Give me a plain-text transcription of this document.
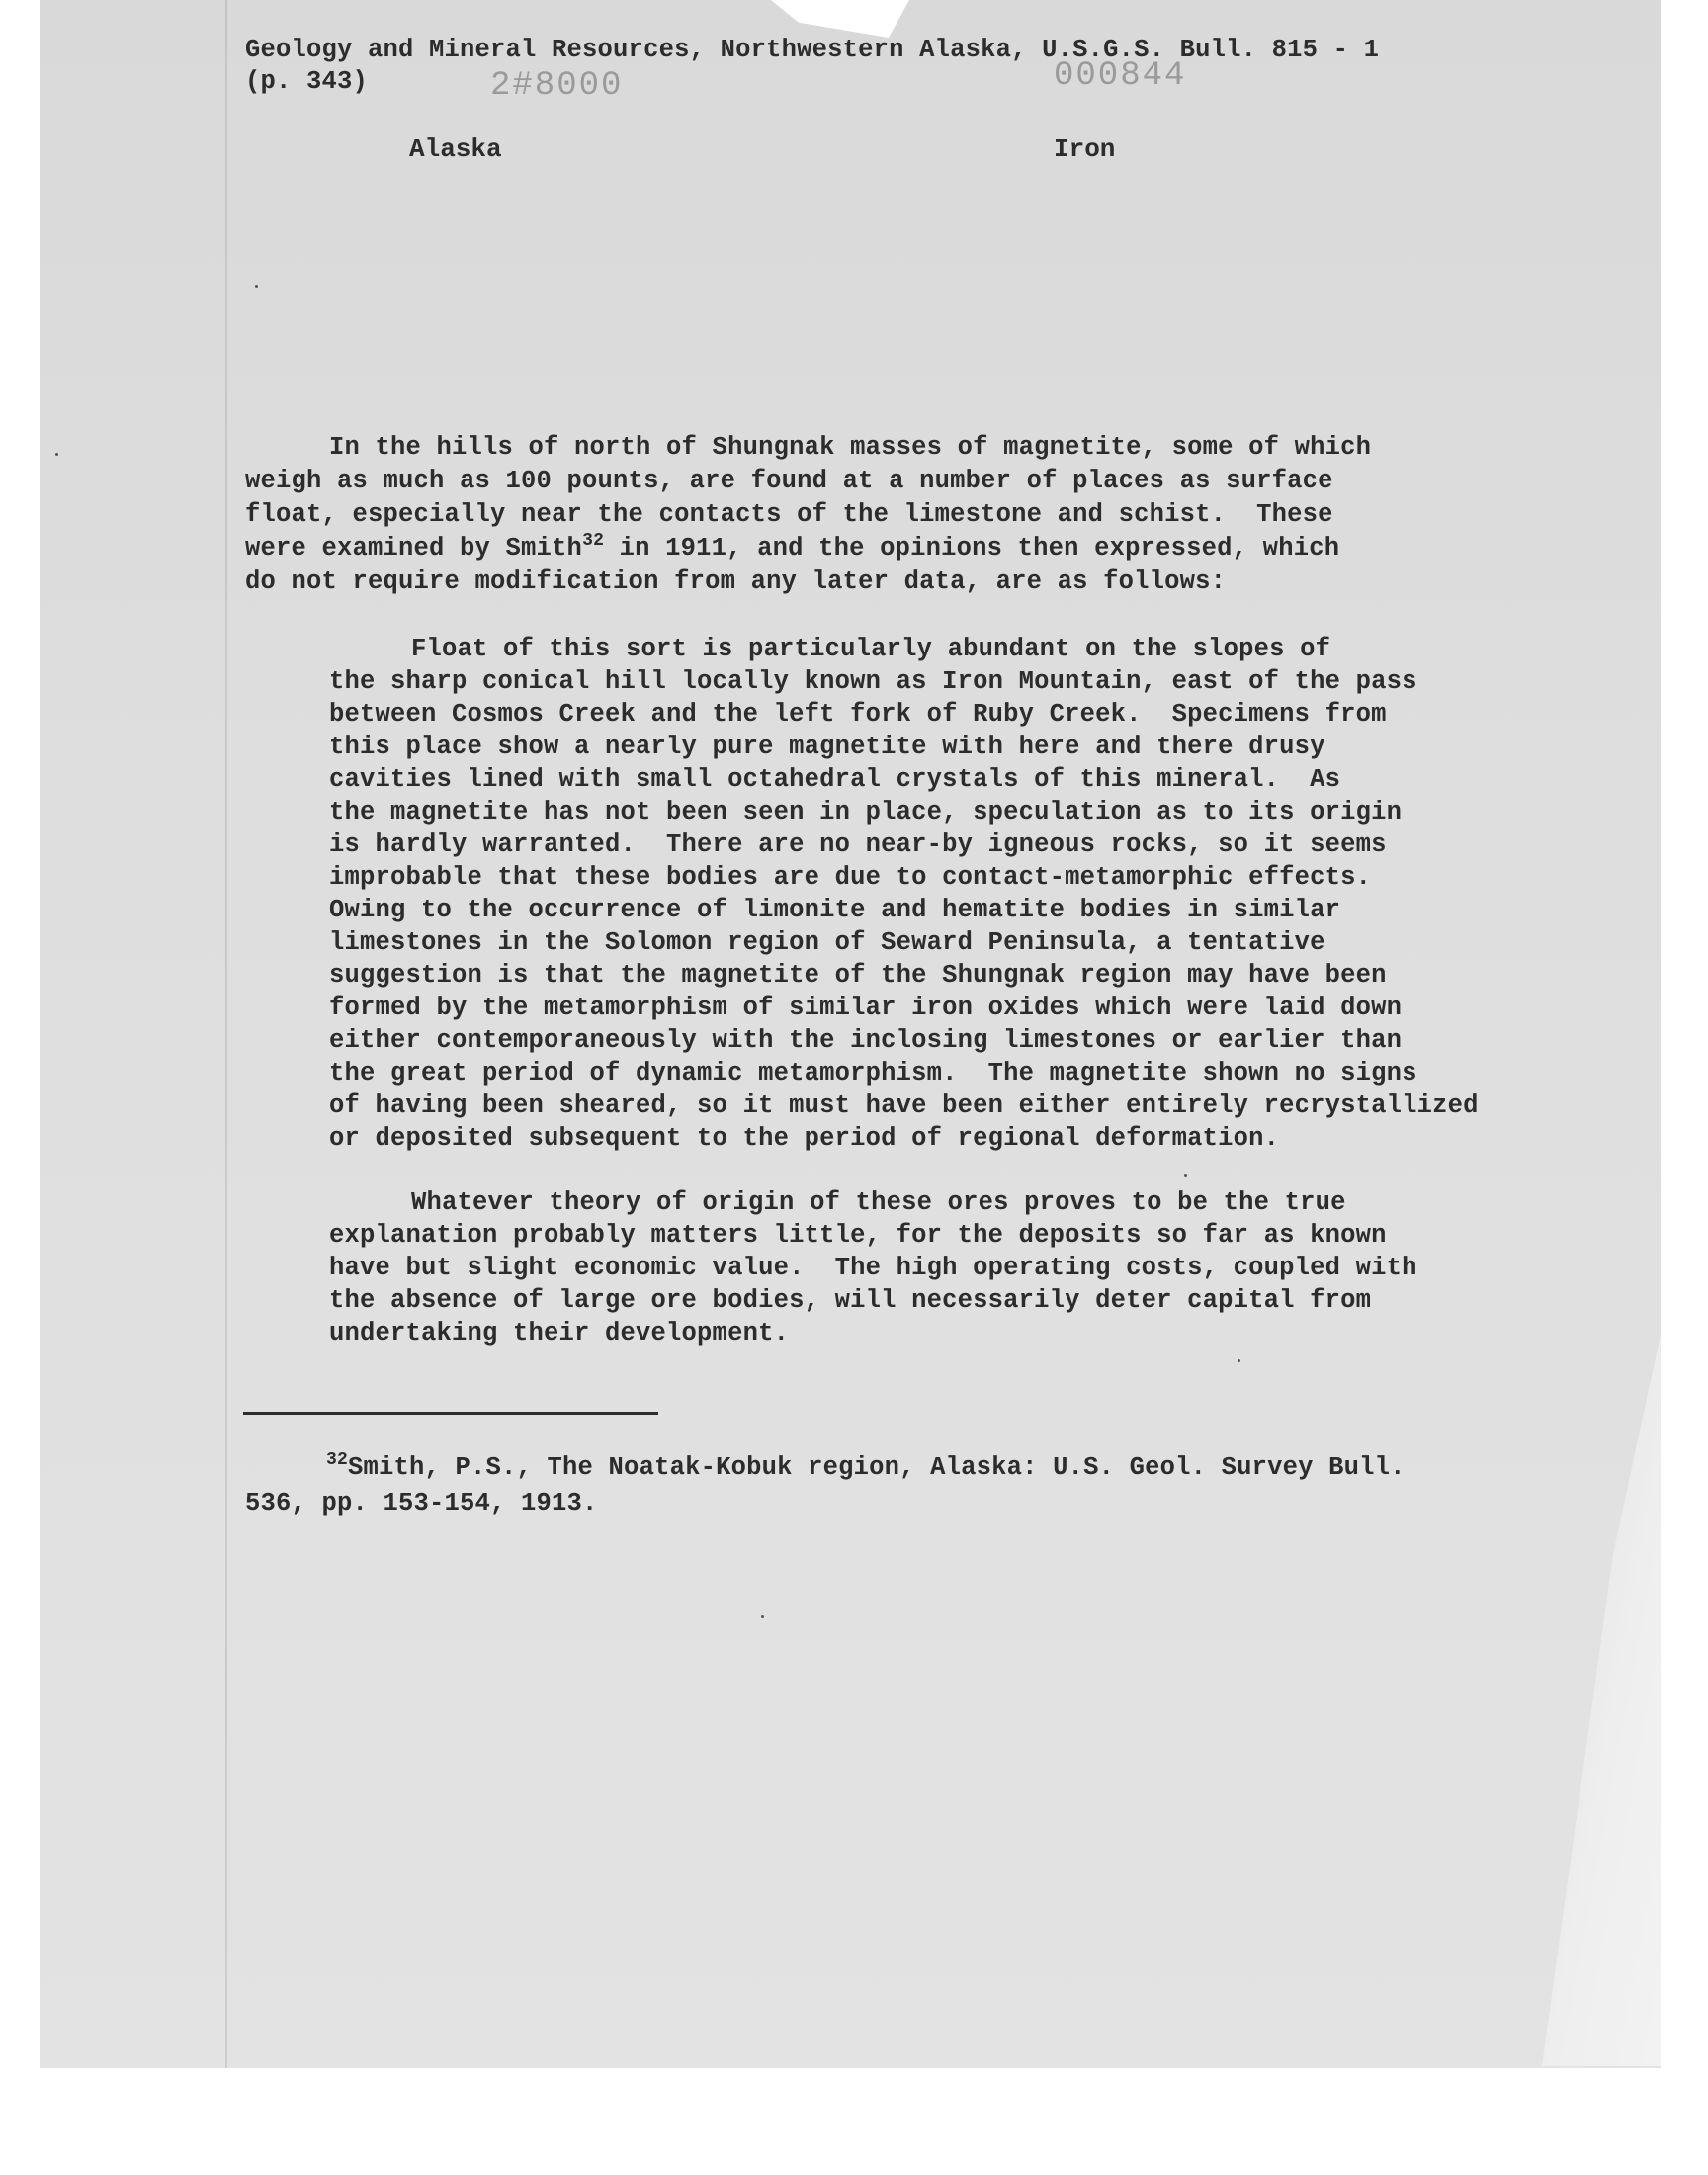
Geology and Mineral Resources, Northwestern Alaska, U.S.G.S. Bull. 815 - 1
(p. 343)	2#8000	000844
Alaska	Iron
In the hills of north of Shungnak masses of magnetite, some of which
weigh as much as 100 pounts, are found at a number of places as surface
float, especially near the contacts of the limestone and schist.  These
were examined by Smith$^{32}$ in 1911, and the opinions then expressed, which
do not require modification from any later data, are as follows:
Float of this sort is particularly abundant on the slopes of
the sharp conical hill locally known as Iron Mountain, east of the pass
between Cosmos Creek and the left fork of Ruby Creek.  Specimens from
this place show a nearly pure magnetite with here and there drusy
cavities lined with small octahedral crystals of this mineral.  As
the magnetite has not been seen in place, speculation as to its origin
is hardly warranted.  There are no near-by igneous rocks, so it seems
improbable that these bodies are due to contact-metamorphic effects.
Owing to the occurrence of limonite and hematite bodies in similar
limestones in the Solomon region of Seward Peninsula, a tentative
suggestion is that the magnetite of the Shungnak region may have been
formed by the metamorphism of similar iron oxides which were laid down
either contemporaneously with the inclosing limestones or earlier than
the great period of dynamic metamorphism.  The magnetite shown no signs
of having been sheared, so it must have been either entirely recrystallized
or deposited subsequent to the period of regional deformation.
Whatever theory of origin of these ores proves to be the true
explanation probably matters little, for the deposits so far as known
have but slight economic value.  The high operating costs, coupled with
the absence of large ore bodies, will necessarily deter capital from
undertaking their development.
$^{32}$Smith, P.S., The Noatak-Kobuk region, Alaska: U.S. Geol. Survey Bull.
536, pp. 153-154, 1913.
